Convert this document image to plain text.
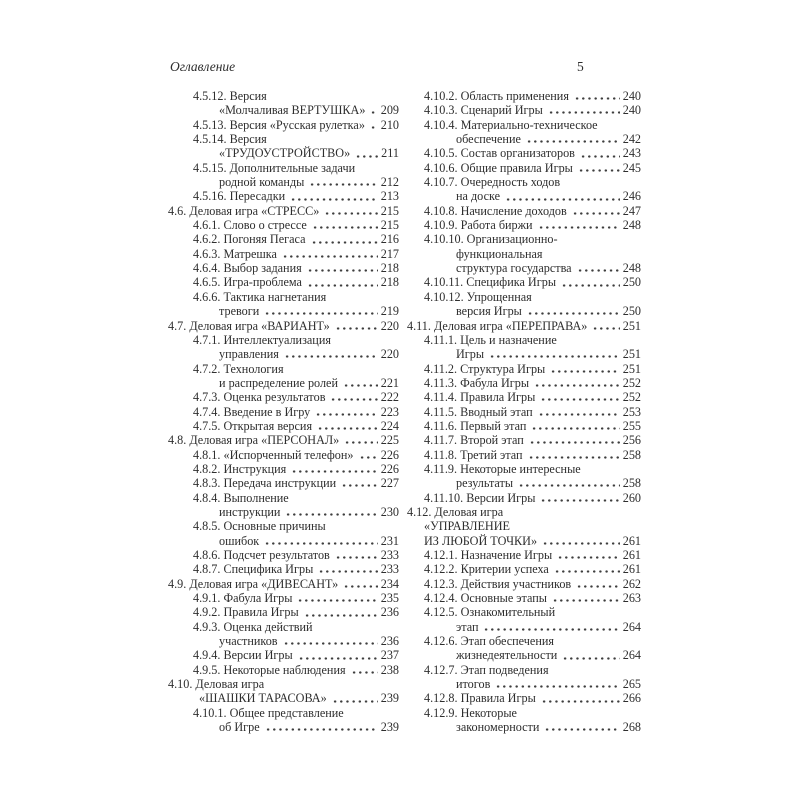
Оглавление	5
4.5.12. Версия
«Молчаливая ВЕРТУШКА» 209
4.5.13. Версия «Русская рулетка» 210
4.5.14. Версия
«ТРУДОУСТРОЙСТВО»	211
4.5.15. Дополнительные задачи
родной команды	212
4.5.16. Пересадки	213
4.6. Деловая игра «СТРЕСС»	215
4.6.1. Слово о стрессе	215
4.6.2. Погоняя Пегаса	216
4.6.3. Матрешка	217
4.6.4. Выбор задания	218
4.6.5. Игра-проблема	218
4.6.6. Тактика нагнетания
тревоги	219
4.7. Деловая игра «ВАРИАНТ»	220
4.7.1. Интеллектуализация
управления	220
4.7.2. Технология
и распределение ролей	221
4.7.3. Оценка результатов	222
4.7.4. Введение в Игру	223
4.7.5. Открытая версия	224
4.8. Деловая игра «ПЕРСОНАЛ»	225
4.8.1. «Испорченный телефон» 226
4.8.2. Инструкция	226
4.8.3. Передача инструкции	227
4.8.4. Выполнение
инструкции	230
4.8.5. Основные причины
ошибок	231
4.8.6. Подсчет результатов	233
4.8.7. Специфика Игры	233
4.9. Деловая игра «ДИВЕСАНТ»	234
4.9.1. Фабула Игры	235
4.9.2. Правила Игры	236
4.9.3. Оценка действий
участников	236
4.9.4. Версии Игры	237
4.9.5. Некоторые наблюдения	238
4.10. Деловая игра
«ШАШКИ ТАРАСОВА»	239
4.10.1. Общее представление
об Игре	239
4.10.2. Область применения	240
4.10.3. Сценарий Игры	240
4.10.4. Материально-техническое
обеспечение	242
4.10.5. Состав организаторов	243
4.10.6. Общие правила Игры	245
4.10.7. Очередность ходов
на доске	246
4.10.8. Начисление доходов	247
4.10.9. Работа биржи	248
4.10.10. Организационно-
функциональная
структура государства	248
4.10.11. Специфика Игры	250
4.10.12. Упрощенная
версия Игры	250
4.11. Деловая игра «ПЕРЕПРАВА»	251
4.11.1. Цель и назначение
Игры	251
4.11.2. Структура Игры	251
4.11.3. Фабула Игры	252
4.11.4. Правила Игры	252
4.11.5. Вводный этап	253
4.11.6. Первый этап	255
4.11.7. Второй этап	256
4.11.8. Третий этап	258
4.11.9. Некоторые интересные
результаты	258
4.11.10. Версии Игры	260
4.12. Деловая игра
«УПРАВЛЕНИЕ
ИЗ ЛЮБОЙ ТОЧКИ»	261
4.12.1. Назначение Игры	261
4.12.2. Критерии успеха	261
4.12.3. Действия участников	262
4.12.4. Основные этапы	263
4.12.5. Ознакомительный
этап	264
4.12.6. Этап обеспечения
жизнедеятельности	264
4.12.7. Этап подведения
итогов	265
4.12.8. Правила Игры	266
4.12.9. Некоторые
закономерности	268
